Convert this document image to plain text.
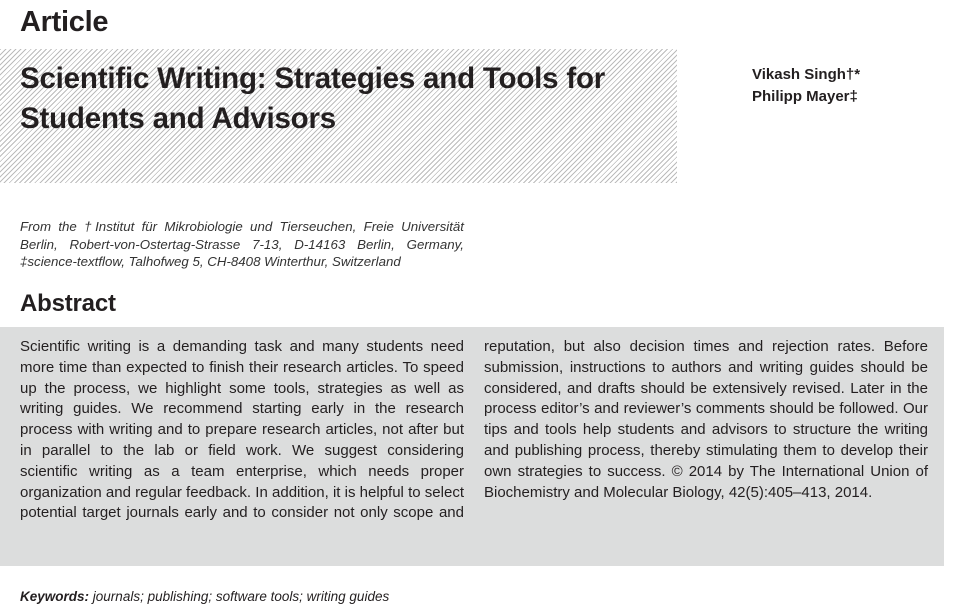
Article
Scientific Writing: Strategies and Tools for
Students and Advisors
Vikash Singh†*
Philipp Mayer‡

From the †Institut für Mikrobiologie und Tierseuchen, Freie Universität Berlin, Robert-von-Ostertag-Strasse 7-13, D-14163 Berlin, Germany, ‡science-textflow, Talhofweg 5, CH-8408 Winterthur, Switzerland

Abstract

Scientific writing is a demanding task and many students need more time than expected to finish their research articles. To speed up the process, we highlight some tools, strategies as well as writing guides. We recommend starting early in the research process with writing and to prepare research articles, not after but in parallel to the lab or field work. We suggest considering scientific writing as a team enterprise, which needs proper organization and regular feedback. In addition, it is helpful to select potential target journals early and to consider not only scope and

reputation, but also decision times and rejection rates. Before submission, instructions to authors and writing guides should be considered, and drafts should be extensively revised. Later in the process editor’s and reviewer’s comments should be followed. Our tips and tools help students and advisors to structure the writing and publishing process, thereby stimulating them to develop their own strategies to success. © 2014 by The International Union of Biochemistry and Molecular Biology, 42(5):405–413, 2014.

Keywords: journals; publishing; software tools; writing guides
